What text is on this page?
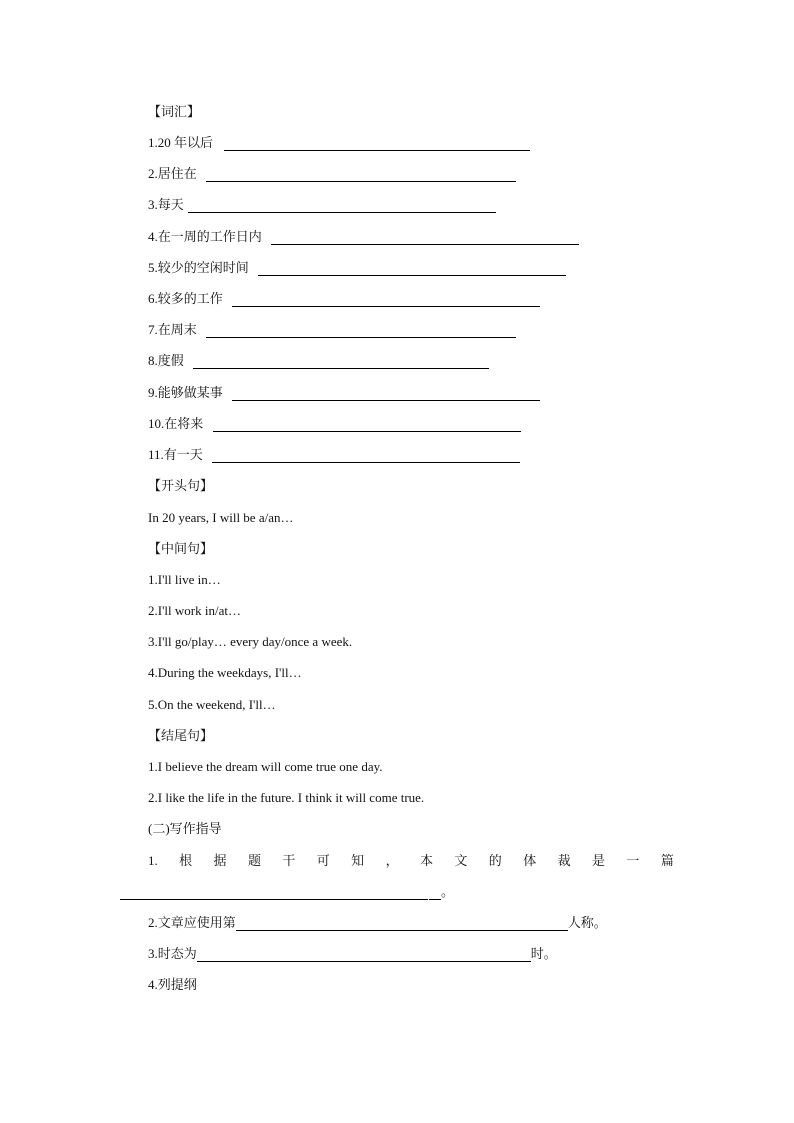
【词汇】
1.20 年以后
2.居住在
3.每天
4.在一周的工作日内
5.较少的空闲时间
6.较多的工作
7.在周末
8.度假
9.能够做某事
10.在将来
11.有一天
【开头句】
In 20 years, I will be a/an…
【中间句】
1.I'll live in…
2.I'll work in/at…
3.I'll go/play… every day/once a week.
4.During the weekdays, I'll…
5.On the weekend, I'll…
【结尾句】
1.I believe the dream will come true one day.
2.I like the life in the future. I think it will come true.
(二)写作指导
1. 根 据 题 干 可 知 ， 本 文 的 体 裁 是 一 篇
。
2.文章应使用第	人称。
3.时态为	时。
4.列提纲
